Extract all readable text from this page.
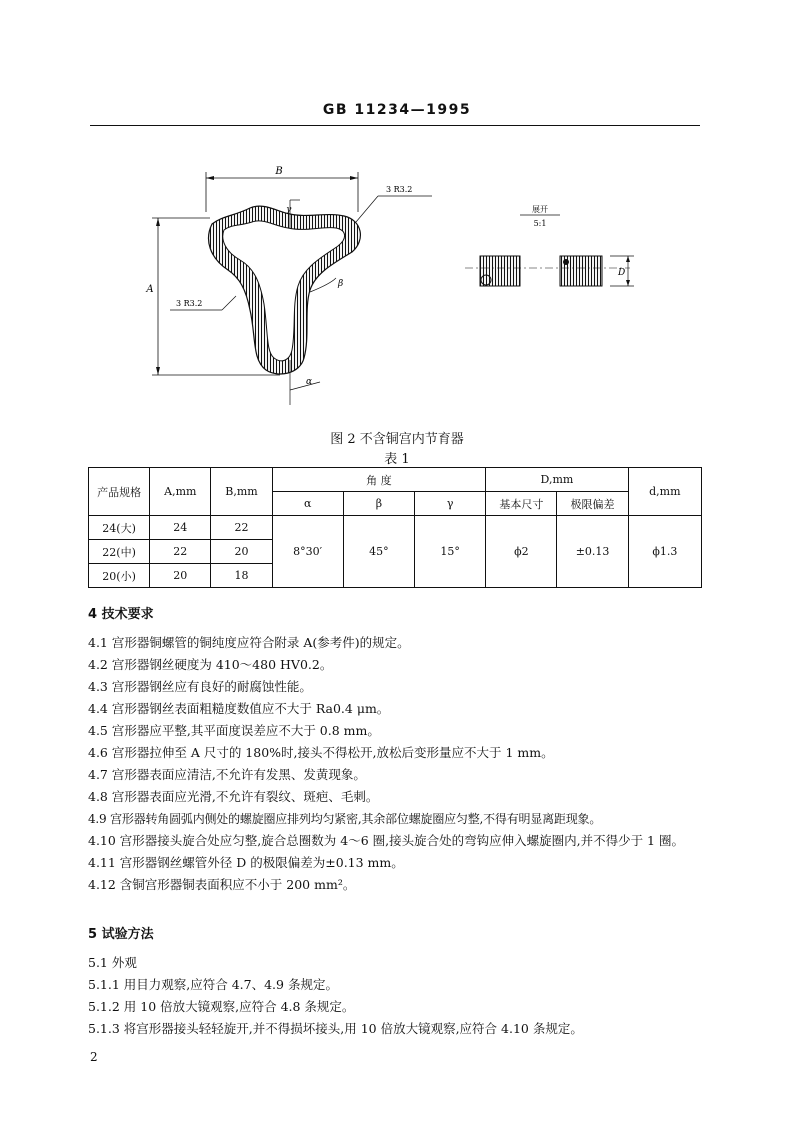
GB 11234—1995
B
A
γ
β
α
3 R3.2
3 R3.2
展开
5:1
D
图 2 不含铜宫内节育器
表 1
产品规格	A,mm	B,mm	角 度			D,mm		d,mm
			α	β	γ	基本尺寸	极限偏差	
24(大)	24	22	8°30′	45°	15°	ϕ2	±0.13	ϕ1.3
22(中)	22	20						
20(小)	20	18						
4 技术要求
4.1 宫形器铜螺管的铜纯度应符合附录 A(参考件)的规定。
4.2 宫形器钢丝硬度为 410～480 HV0.2。
4.3 宫形器钢丝应有良好的耐腐蚀性能。
4.4 宫形器钢丝表面粗糙度数值应不大于 Ra0.4 μm。
4.5 宫形器应平整,其平面度误差应不大于 0.8 mm。
4.6 宫形器拉伸至 A 尺寸的 180%时,接头不得松开,放松后变形量应不大于 1 mm。
4.7 宫形器表面应清洁,不允许有发黑、发黄现象。
4.8 宫形器表面应光滑,不允许有裂纹、斑疤、毛刺。
4.9 宫形器转角圆弧内侧处的螺旋圈应排列均匀紧密,其余部位螺旋圈应匀整,不得有明显离距现象。
4.10 宫形器接头旋合处应匀整,旋合总圈数为 4～6 圈,接头旋合处的弯钩应伸入螺旋圈内,并不得少于 1 圈。
4.11 宫形器钢丝螺管外径 D 的极限偏差为±0.13 mm。
4.12 含铜宫形器铜表面积应不小于 200 mm²。
5 试验方法
5.1 外观
5.1.1 用目力观察,应符合 4.7、4.9 条规定。
5.1.2 用 10 倍放大镜观察,应符合 4.8 条规定。
5.1.3 将宫形器接头轻轻旋开,并不得损坏接头,用 10 倍放大镜观察,应符合 4.10 条规定。
2
